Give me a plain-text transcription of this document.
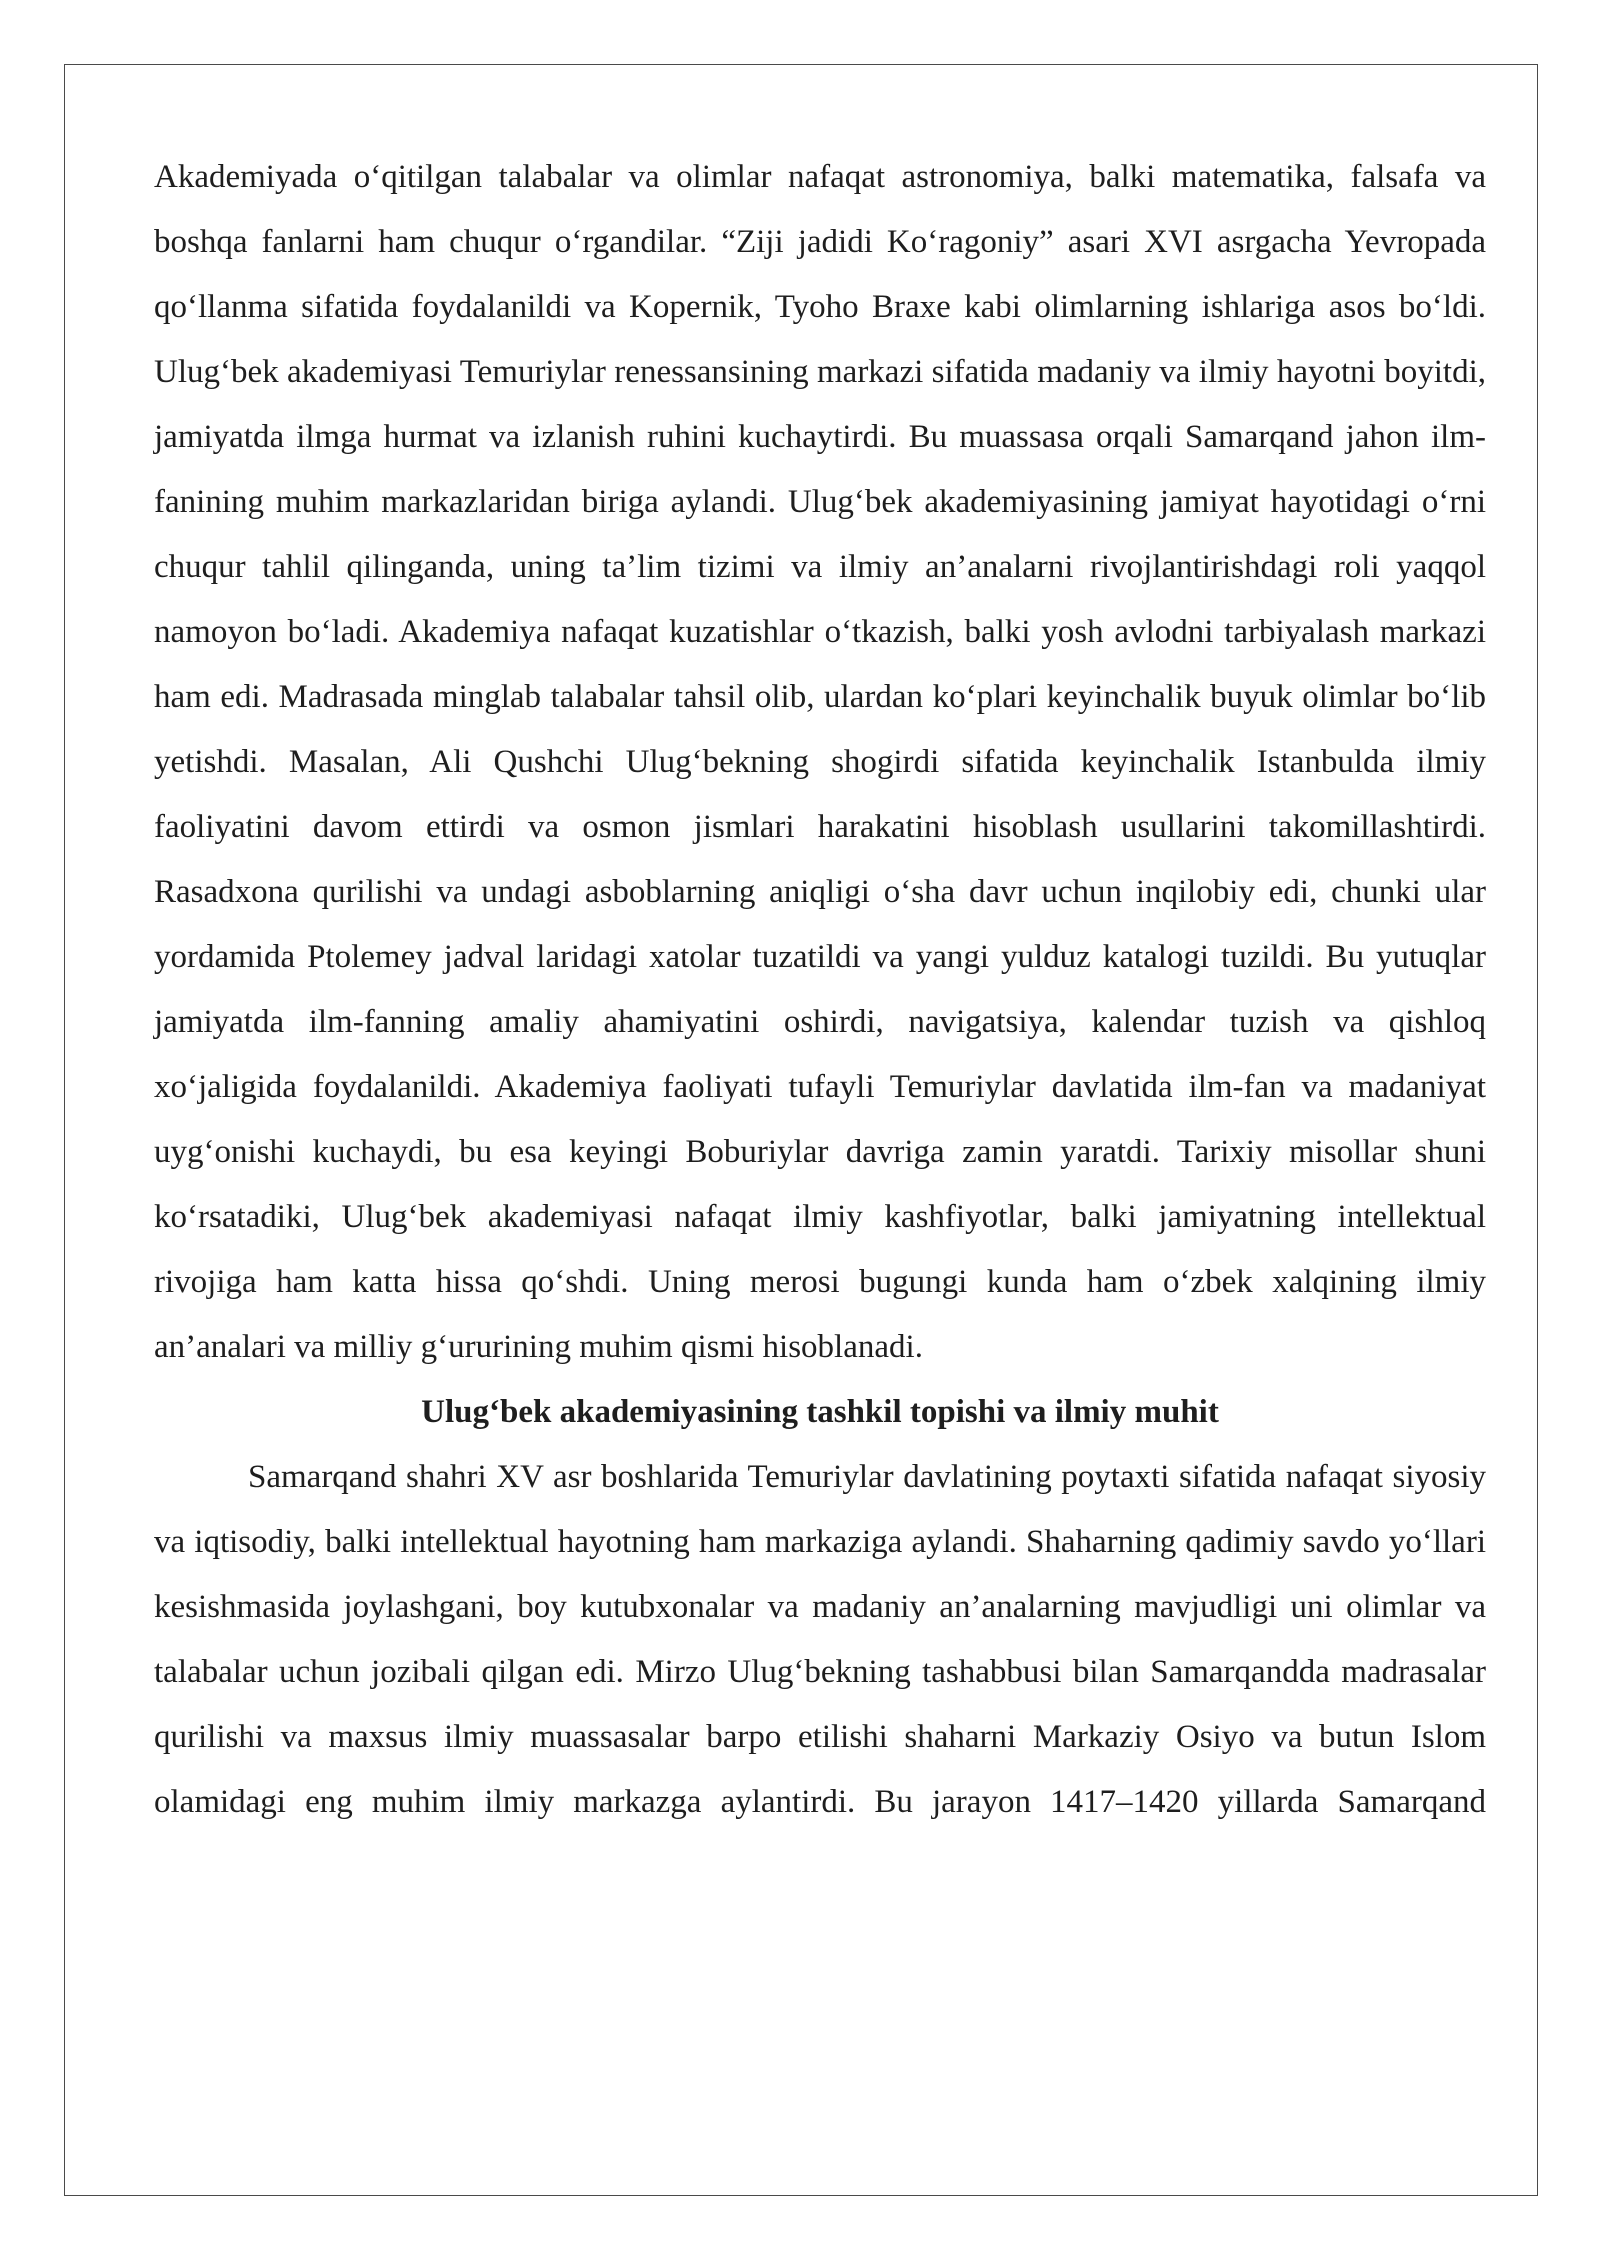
Akademiyada o‘qitilgan talabalar va olimlar nafaqat astronomiya, balki matematika, falsafa va boshqa fanlarni ham chuqur o‘rgandilar. “Ziji jadidi Ko‘ragoniy” asari XVI asrgacha Yevropada qo‘llanma sifatida foydalanildi va Kopernik, Tyoho Braxe kabi olimlarning ishlariga asos bo‘ldi. Ulug‘bek akademiyasi Temuriylar renessansining markazi sifatida madaniy va ilmiy hayotni boyitdi, jamiyatda ilmga hurmat va izlanish ruhini kuchaytirdi. Bu muassasa orqali Samarqand jahon ilm-fanining muhim markazlaridan biriga aylandi. Ulug‘bek akademiyasining jamiyat hayotidagi o‘rni chuqur tahlil qilinganda, uning ta’lim tizimi va ilmiy an’analarni rivojlantirishdagi roli yaqqol namoyon bo‘ladi. Akademiya nafaqat kuzatishlar o‘tkazish, balki yosh avlodni tarbiyalash markazi ham edi. Madrasada minglab talabalar tahsil olib, ulardan ko‘plari keyinchalik buyuk olimlar bo‘lib yetishdi. Masalan, Ali Qushchi Ulug‘bekning shogirdi sifatida keyinchalik Istanbulda ilmiy faoliyatini davom ettirdi va osmon jismlari harakatini hisoblash usullarini takomillashtirdi. Rasadxona qurilishi va undagi asboblarning aniqligi o‘sha davr uchun inqilobiy edi, chunki ular yordamida Ptolemey jadval laridagi xatolar tuzatildi va yangi yulduz katalogi tuzildi. Bu yutuqlar jamiyatda ilm-fanning amaliy ahamiyatini oshirdi, navigatsiya, kalendar tuzish va qishloq xo‘jaligida foydalanildi. Akademiya faoliyati tufayli Temuriylar davlatida ilm-fan va madaniyat uyg‘onishi kuchaydi, bu esa keyingi Boburiylar davriga zamin yaratdi. Tarixiy misollar shuni ko‘rsatadiki, Ulug‘bek akademiyasi nafaqat ilmiy kashfiyotlar, balki jamiyatning intellektual rivojiga ham katta hissa qo‘shdi. Uning merosi bugungi kunda ham o‘zbek xalqining ilmiy an’analari va milliy g‘ururining muhim qismi hisoblanadi.

Ulug‘bek akademiyasining tashkil topishi va ilmiy muhit

Samarqand shahri XV asr boshlarida Temuriylar davlatining poytaxti sifatida nafaqat siyosiy va iqtisodiy, balki intellektual hayotning ham markaziga aylandi. Shaharning qadimiy savdo yo‘llari kesishmasida joylashgani, boy kutubxonalar va madaniy an’analarning mavjudligi uni olimlar va talabalar uchun jozibali qilgan edi. Mirzo Ulug‘bekning tashabbusi bilan Samarqandda madrasalar qurilishi va maxsus ilmiy muassasalar barpo etilishi shaharni Markaziy Osiyo va butun Islom olamidagi eng muhim ilmiy markazga aylantirdi. Bu jarayon 1417–1420 yillarda Samarqand
